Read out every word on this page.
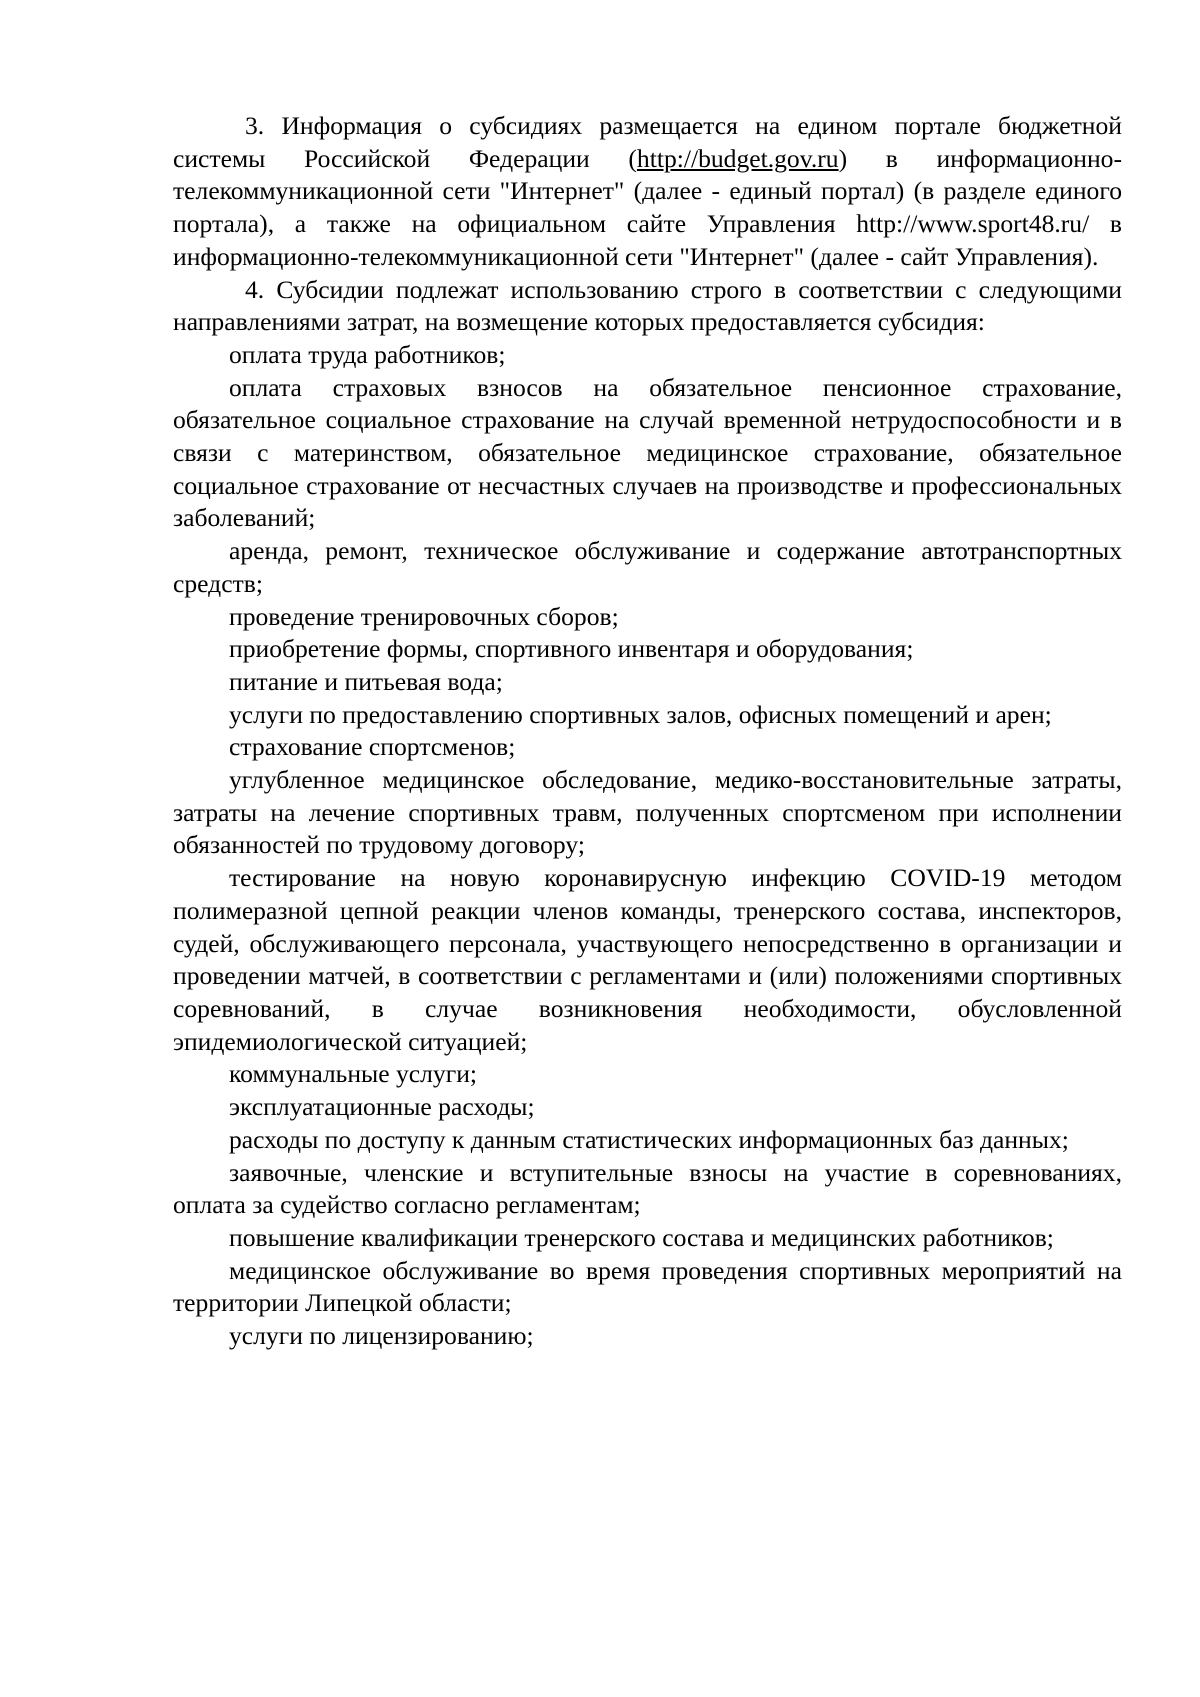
3. Информация о субсидиях размещается на едином портале бюджетной системы Российской Федерации (http://budget.gov.ru) в информационно-телекоммуникационной сети "Интернет" (далее - единый портал) (в разделе единого портала), а также на официальном сайте Управления http://www.sport48.ru/ в информационно-телекоммуникационной сети "Интернет" (далее - сайт Управления).

4. Субсидии подлежат использованию строго в соответствии с следующими направлениями затрат, на возмещение которых предоставляется субсидия:

оплата труда работников;

оплата страховых взносов на обязательное пенсионное страхование, обязательное социальное страхование на случай временной нетрудоспособности и в связи с материнством, обязательное медицинское страхование, обязательное социальное страхование от несчастных случаев на производстве и профессиональных заболеваний;

аренда, ремонт, техническое обслуживание и содержание автотранспортных средств;

проведение тренировочных сборов;

приобретение формы, спортивного инвентаря и оборудования;

питание и питьевая вода;

услуги по предоставлению спортивных залов, офисных помещений и арен;

страхование спортсменов;

углубленное медицинское обследование, медико-восстановительные затраты, затраты на лечение спортивных травм, полученных спортсменом при исполнении обязанностей по трудовому договору;

тестирование на новую коронавирусную инфекцию COVID-19 методом полимеразной цепной реакции членов команды, тренерского состава, инспекторов, судей, обслуживающего персонала, участвующего непосредственно в организации и проведении матчей, в соответствии с регламентами и (или) положениями спортивных соревнований, в случае возникновения необходимости, обусловленной эпидемиологической ситуацией;

коммунальные услуги;

эксплуатационные расходы;

расходы по доступу к данным статистических информационных баз данных;

заявочные, членские и вступительные взносы на участие в соревнованиях, оплата за судейство согласно регламентам;

повышение квалификации тренерского состава и медицинских работников;

медицинское обслуживание во время проведения спортивных мероприятий на территории Липецкой области;

услуги по лицензированию;
